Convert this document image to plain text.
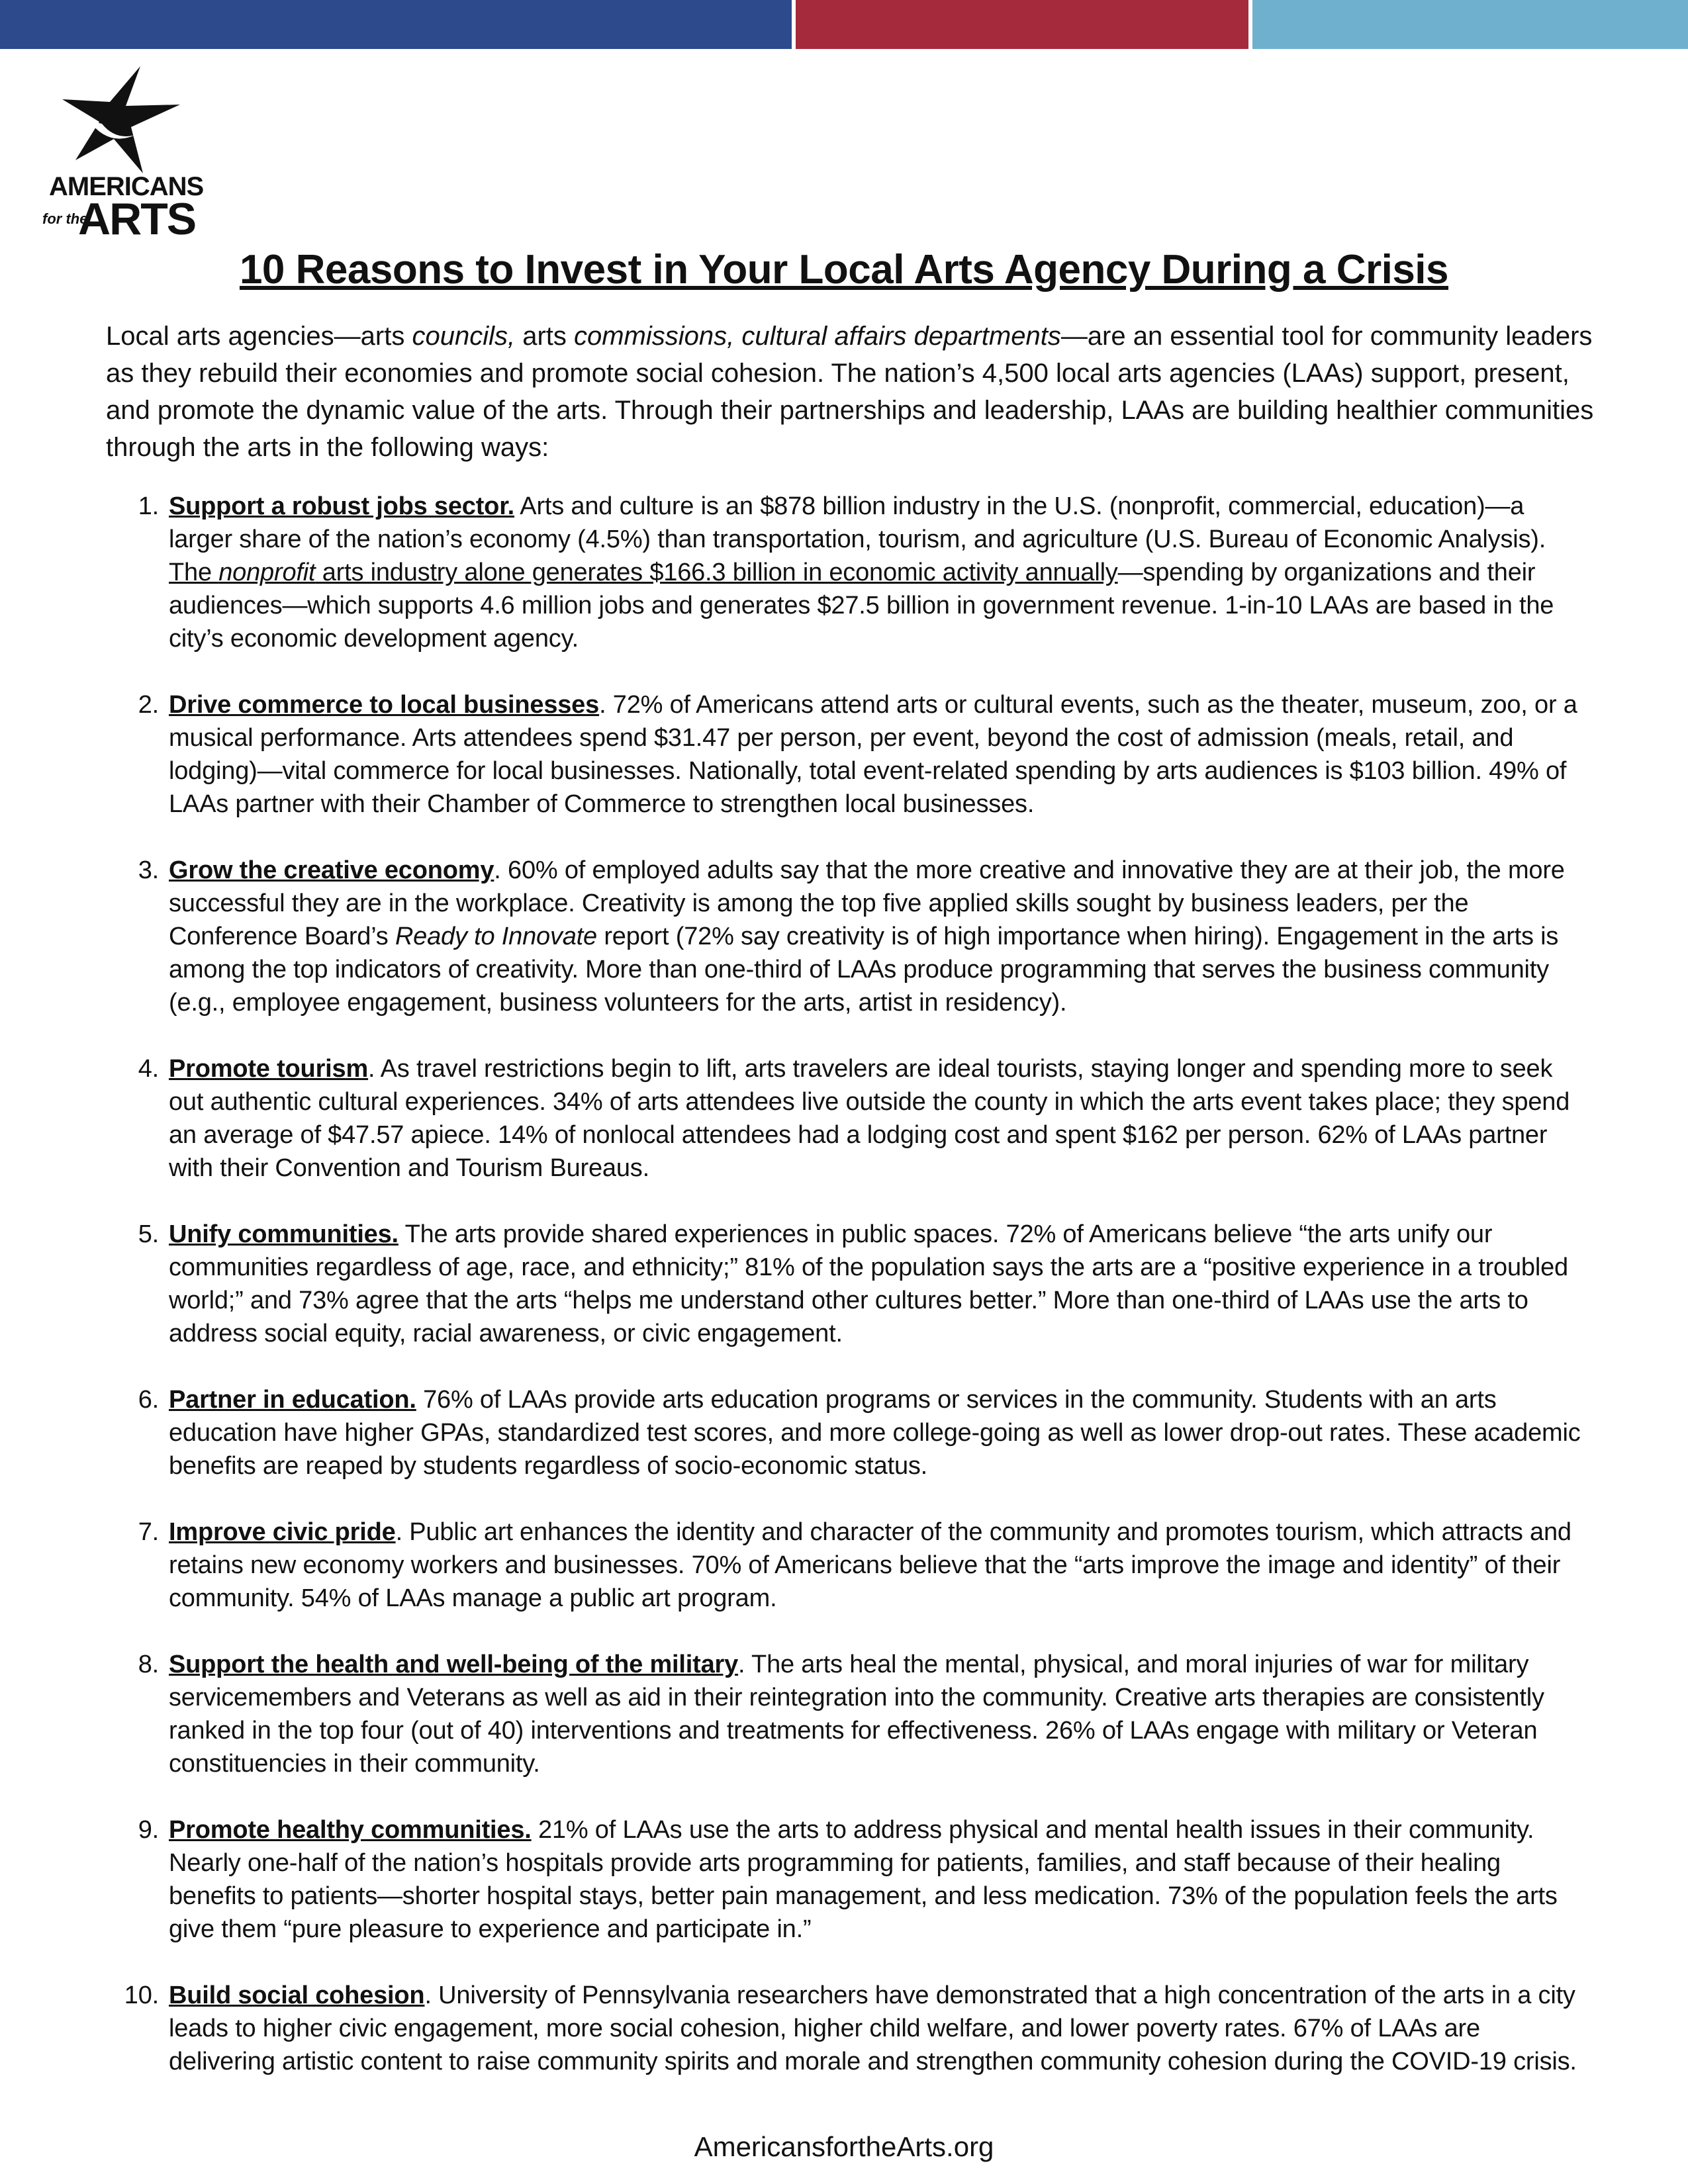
AMERICANS
for the
ARTS
10 Reasons to Invest in Your Local Arts Agency During a Crisis

Local arts agencies—arts councils, arts commissions, cultural affairs departments—are an essential tool for community leaders as they rebuild their economies and promote social cohesion. The nation’s 4,500 local arts agencies (LAAs) support, present, and promote the dynamic value of the arts. Through their partnerships and leadership, LAAs are building healthier communities through the arts in the following ways:

1. Support a robust jobs sector. Arts and culture is an $878 billion industry in the U.S. (nonprofit, commercial, education)—a larger share of the nation’s economy (4.5%) than transportation, tourism, and agriculture (U.S. Bureau of Economic Analysis). The nonprofit arts industry alone generates $166.3 billion in economic activity annually—spending by organizations and their audiences—which supports 4.6 million jobs and generates $27.5 billion in government revenue. 1-in-10 LAAs are based in the city’s economic development agency.
2. Drive commerce to local businesses. 72% of Americans attend arts or cultural events, such as the theater, museum, zoo, or a musical performance. Arts attendees spend $31.47 per person, per event, beyond the cost of admission (meals, retail, and lodging)—vital commerce for local businesses. Nationally, total event-related spending by arts audiences is $103 billion. 49% of LAAs partner with their Chamber of Commerce to strengthen local businesses.
3. Grow the creative economy. 60% of employed adults say that the more creative and innovative they are at their job, the more successful they are in the workplace. Creativity is among the top five applied skills sought by business leaders, per the Conference Board’s Ready to Innovate report (72% say creativity is of high importance when hiring). Engagement in the arts is among the top indicators of creativity. More than one-third of LAAs produce programming that serves the business community (e.g., employee engagement, business volunteers for the arts, artist in residency).
4. Promote tourism. As travel restrictions begin to lift, arts travelers are ideal tourists, staying longer and spending more to seek out authentic cultural experiences. 34% of arts attendees live outside the county in which the arts event takes place; they spend an average of $47.57 apiece. 14% of nonlocal attendees had a lodging cost and spent $162 per person. 62% of LAAs partner with their Convention and Tourism Bureaus.
5. Unify communities. The arts provide shared experiences in public spaces. 72% of Americans believe “the arts unify our communities regardless of age, race, and ethnicity;” 81% of the population says the arts are a “positive experience in a troubled world;” and 73% agree that the arts “helps me understand other cultures better.” More than one-third of LAAs use the arts to address social equity, racial awareness, or civic engagement.
6. Partner in education. 76% of LAAs provide arts education programs or services in the community. Students with an arts education have higher GPAs, standardized test scores, and more college-going as well as lower drop-out rates. These academic benefits are reaped by students regardless of socio-economic status.
7. Improve civic pride. Public art enhances the identity and character of the community and promotes tourism, which attracts and retains new economy workers and businesses. 70% of Americans believe that the “arts improve the image and identity” of their community. 54% of LAAs manage a public art program.
8. Support the health and well-being of the military. The arts heal the mental, physical, and moral injuries of war for military servicemembers and Veterans as well as aid in their reintegration into the community. Creative arts therapies are consistently ranked in the top four (out of 40) interventions and treatments for effectiveness. 26% of LAAs engage with military or Veteran constituencies in their community.
9. Promote healthy communities. 21% of LAAs use the arts to address physical and mental health issues in their community. Nearly one-half of the nation’s hospitals provide arts programming for patients, families, and staff because of their healing benefits to patients—shorter hospital stays, better pain management, and less medication. 73% of the population feels the arts give them “pure pleasure to experience and participate in.”
10. Build social cohesion. University of Pennsylvania researchers have demonstrated that a high concentration of the arts in a city leads to higher civic engagement, more social cohesion, higher child welfare, and lower poverty rates. 67% of LAAs are delivering artistic content to raise community spirits and morale and strengthen community cohesion during the COVID-19 crisis.
AmericansfortheArts.org
